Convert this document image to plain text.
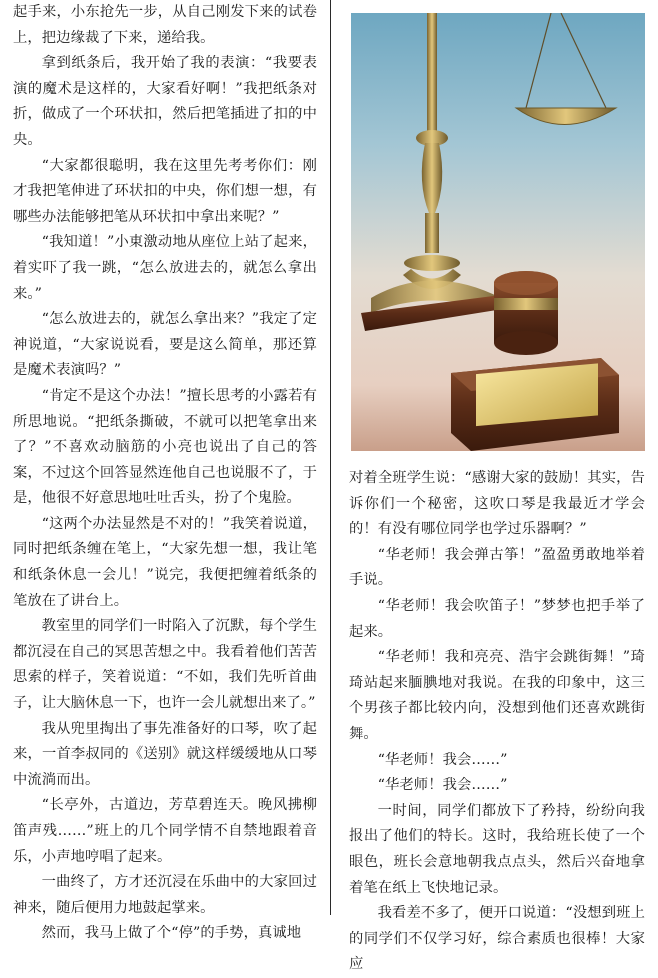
起手来，小东抢先一步，从自己刚发下来的试卷上，把边缘裁了下来，递给我。

拿到纸条后，我开始了我的表演：“我要表演的魔术是这样的，大家看好啊！”我把纸条对折，做成了一个环状扣，然后把笔插进了扣的中央。

“大家都很聪明，我在这里先考考你们：刚才我把笔伸进了环状扣的中央，你们想一想，有哪些办法能够把笔从环状扣中拿出来呢？”

“我知道！”小東激动地从座位上站了起来，着实吓了我一跳，“怎么放进去的，就怎么拿出来。”

“怎么放进去的，就怎么拿出来？”我定了定神说道，“大家说说看，要是这么简单，那还算是魔术表演吗？”

“肯定不是这个办法！”擅长思考的小露若有所思地说。“把纸条撕破，不就可以把笔拿出来了？”不喜欢动脑筋的小亮也说出了自己的答案，不过这个回答显然连他自己也说服不了，于是，他很不好意思地吐吐舌头，扮了个鬼脸。

“这两个办法显然是不对的！”我笑着说道，同时把纸条缠在笔上，“大家先想一想，我让笔和纸条休息一会儿！”说完，我便把缠着纸条的笔放在了讲台上。

教室里的同学们一时陷入了沉默，每个学生都沉浸在自己的冥思苦想之中。我看着他们苦苦思索的样子，笑着说道：“不如，我们先听首曲子，让大脑休息一下，也许一会儿就想出来了。”

我从兜里掏出了事先准备好的口琴，吹了起来，一首李叔同的《送别》就这样缓缓地从口琴中流淌而出。

“长亭外，古道边，芳草碧连天。晚风拂柳笛声残……”班上的几个同学情不自禁地跟着音乐，小声地哼唱了起来。

一曲终了，方才还沉浸在乐曲中的大家回过神来，随后便用力地鼓起掌来。

然而，我马上做了个“停”的手势，真诚地

对着全班学生说：“感谢大家的鼓励！其实，告诉你们一个秘密，这吹口琴是我最近才学会的！有没有哪位同学也学过乐器啊？”

“华老师！我会弹古筝！”盈盈勇敢地举着手说。

“华老师！我会吹笛子！”梦梦也把手举了起来。

“华老师！我和亮亮、浩宇会跳街舞！”琦琦站起来腼腆地对我说。在我的印象中，这三个男孩子都比较内向，没想到他们还喜欢跳街舞。

“华老师！我会……”

“华老师！我会……”

一时间，同学们都放下了矜持，纷纷向我报出了他们的特长。这时，我给班长使了一个眼色，班长会意地朝我点点头，然后兴奋地拿着笔在纸上飞快地记录。

我看差不多了，便开口说道：“没想到班上的同学们不仅学习好，综合素质也很棒！大家应
